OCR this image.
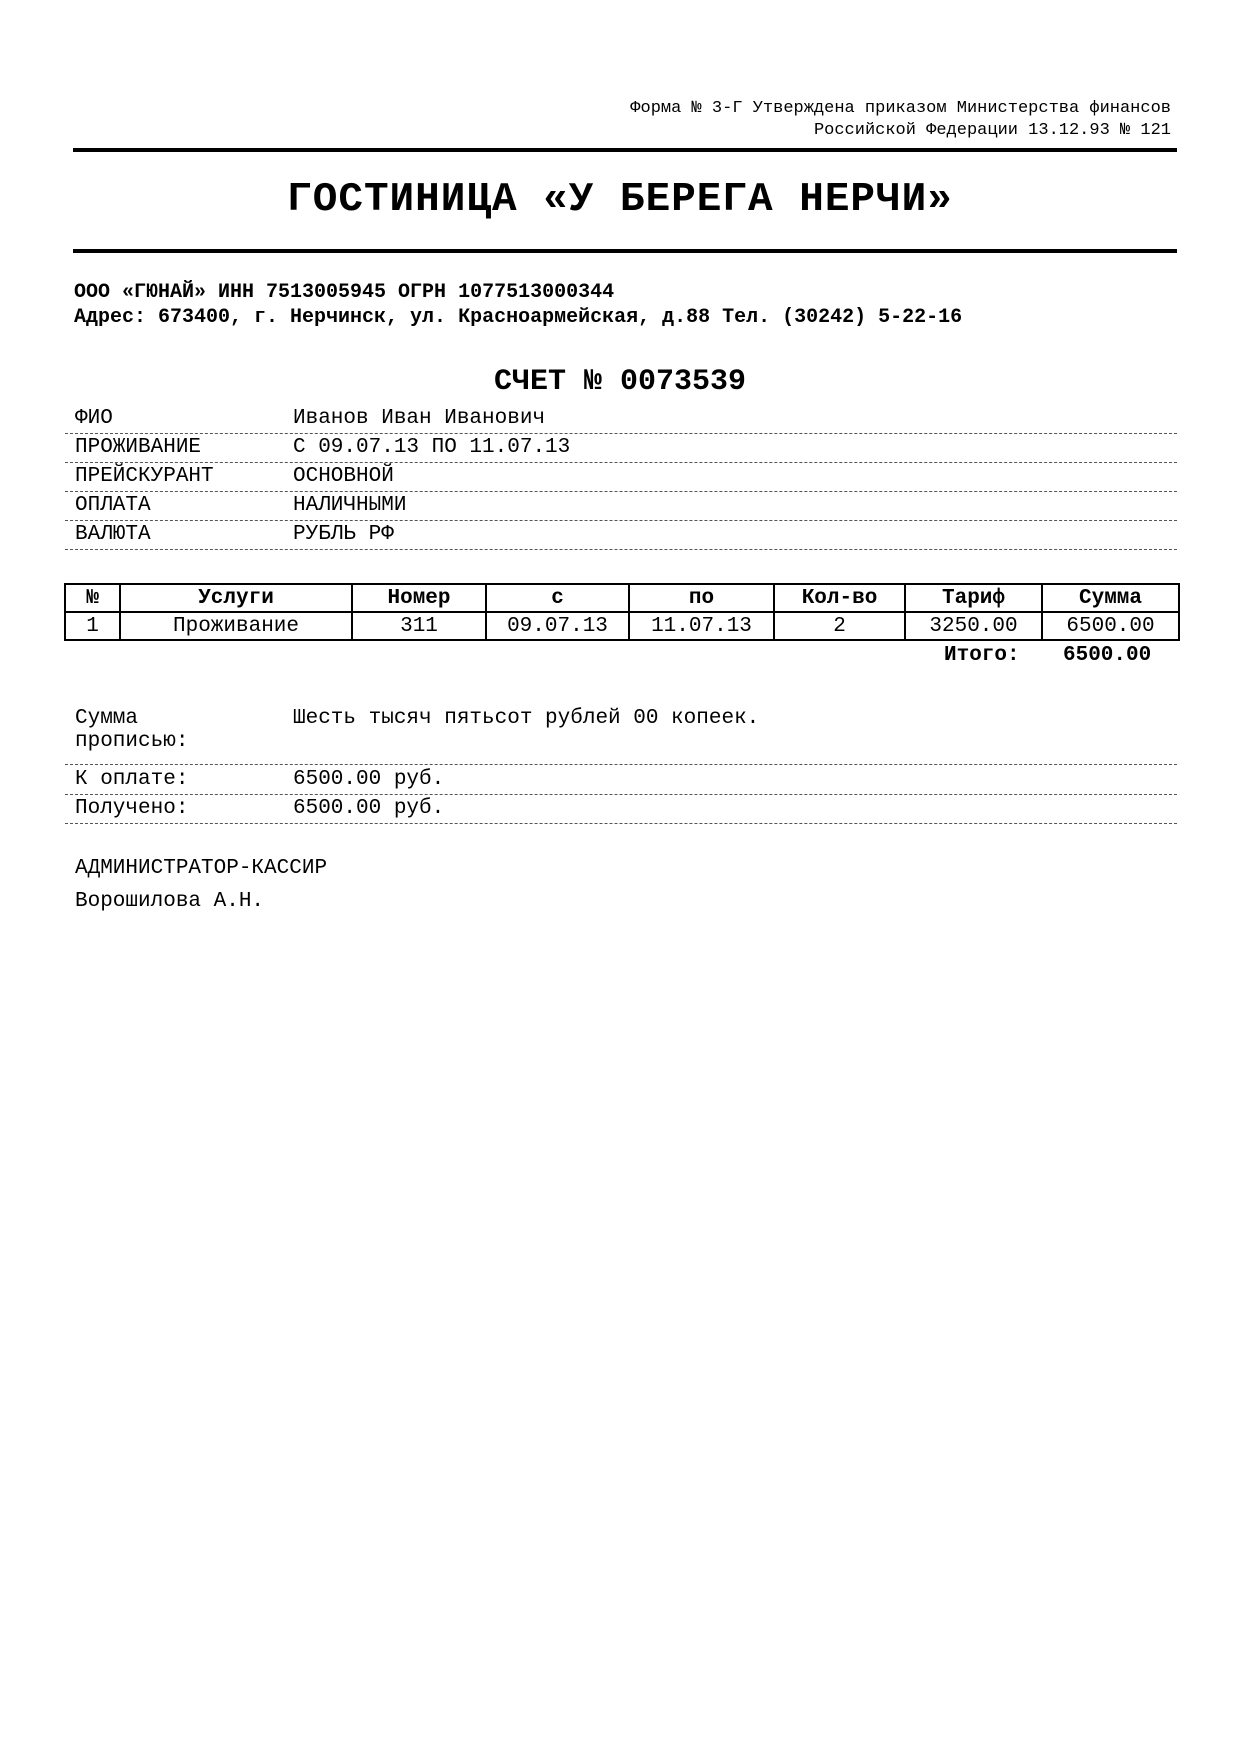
Форма № 3-Г Утверждена приказом Министерства финансов
Российской Федерации 13.12.93 № 121
ГОСТИНИЦА «У БЕРЕГА НЕРЧИ»
ООО «ГЮНАЙ» ИНН 7513005945 ОГРН 1077513000344
Адрес: 673400, г. Нерчинск, ул. Красноармейская, д.88 Тел. (30242) 5-22-16
СЧЕТ № 0073539
ФИО	Иванов Иван Иванович
ПРОЖИВАНИЕ	С 09.07.13 ПО 11.07.13
ПРЕЙСКУРАНТ	ОСНОВНОЙ
ОПЛАТА	НАЛИЧНЫМИ
ВАЛЮТА	РУБЛЬ РФ
№	Услуги	Номер	с	по	Кол-во	Тариф	Сумма
1	Проживание	311	09.07.13	11.07.13	2	3250.00	6500.00
Итого: 6500.00
Сумма
прописью:
Шесть тысяч пятьсот рублей 00 копеек.
К оплате:	6500.00 руб.
Получено:	6500.00 руб.
АДМИНИСТРАТОР-КАССИР
Ворошилова А.Н.
